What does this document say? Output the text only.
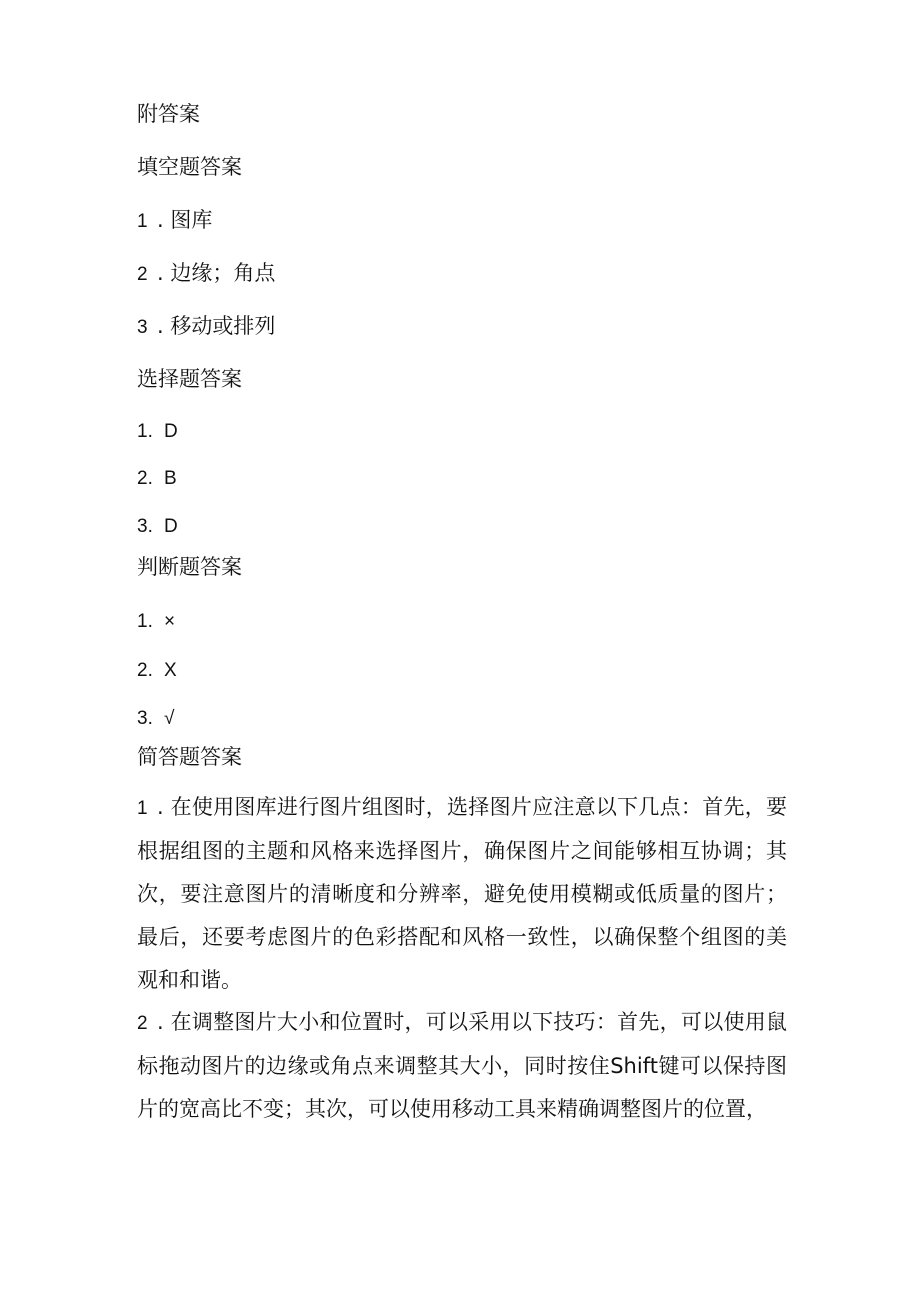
附答案
填空题答案
1 . 图库
2 . 边缘；角点
3 . 移动或排列
选择题答案
1. D
2. B
3. D
判断题答案
1. ×
2. X
3. √
简答题答案
1 . 在使用图库进行图片组图时，选择图片应注意以下几点：首先，要根据组图的主题和风格来选择图片，确保图片之间能够相互协调；其次，要注意图片的清晰度和分辨率，避免使用模糊或低质量的图片；最后，还要考虑图片的色彩搭配和风格一致性，以确保整个组图的美观和和谐。
2 . 在调整图片大小和位置时，可以采用以下技巧：首先，可以使用鼠标拖动图片的边缘或角点来调整其大小，同时按住Shift键可以保持图片的宽高比不变；其次，可以使用移动工具来精确调整图片的位置，
